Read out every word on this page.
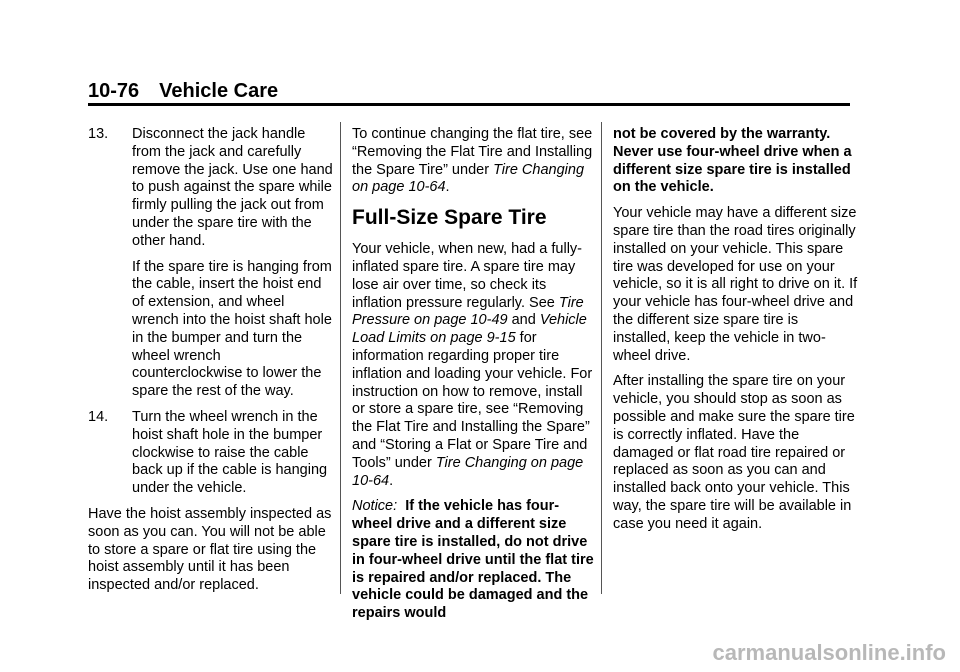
10-76 Vehicle Care
13. Disconnect the jack handle from the jack and carefully remove the jack. Use one hand to push against the spare while firmly pulling the jack out from under the spare tire with the other hand.

If the spare tire is hanging from the cable, insert the hoist end of extension, and wheel wrench into the hoist shaft hole in the bumper and turn the wheel wrench counterclockwise to lower the spare the rest of the way.

14. Turn the wheel wrench in the hoist shaft hole in the bumper clockwise to raise the cable back up if the cable is hanging under the vehicle.

Have the hoist assembly inspected as soon as you can. You will not be able to store a spare or flat tire using the hoist assembly until it has been inspected and/or replaced.

To continue changing the flat tire, see “Removing the Flat Tire and Installing the Spare Tire” under Tire Changing on page 10-64.

Full-Size Spare Tire

Your vehicle, when new, had a fully-inflated spare tire. A spare tire may lose air over time, so check its inflation pressure regularly. See Tire Pressure on page 10-49 and Vehicle Load Limits on page 9-15 for information regarding proper tire inflation and loading your vehicle. For instruction on how to remove, install or store a spare tire, see “Removing the Flat Tire and Installing the Spare” and “Storing a Flat or Spare Tire and Tools” under Tire Changing on page 10-64.

Notice: If the vehicle has four-wheel drive and a different size spare tire is installed, do not drive in four-wheel drive until the flat tire is repaired and/or replaced. The vehicle could be damaged and the repairs would

not be covered by the warranty. Never use four-wheel drive when a different size spare tire is installed on the vehicle.

Your vehicle may have a different size spare tire than the road tires originally installed on your vehicle. This spare tire was developed for use on your vehicle, so it is all right to drive on it. If your vehicle has four-wheel drive and the different size spare tire is installed, keep the vehicle in two-wheel drive.

After installing the spare tire on your vehicle, you should stop as soon as possible and make sure the spare tire is correctly inflated. Have the damaged or flat road tire repaired or replaced as soon as you can and installed back onto your vehicle. This way, the spare tire will be available in case you need it again.

carmanualsonline.info
